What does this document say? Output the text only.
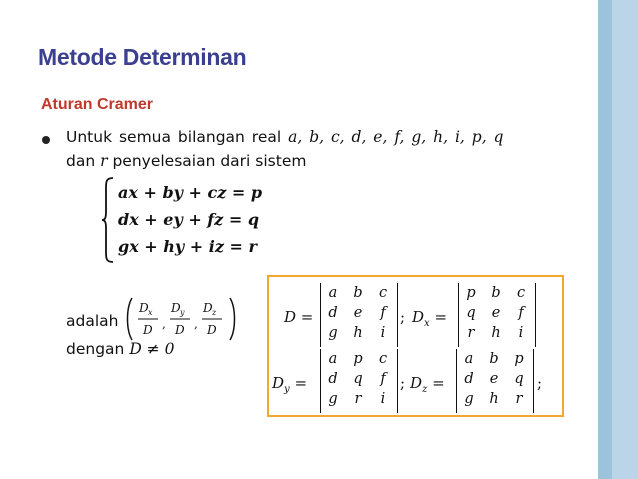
Metode Determinan
Aturan Cramer
Untuk semua bilangan real a, b, c, d, e, f, g, h, i, p, q
dan r penyelesaian dari sistem
ax + by + cz = p
dx + ey + fz = q
gx + hy + iz = r
adalah
D x
D ,
D y
D ,
D z
D
dengan D ≠ 0
D =
a	b	c
d	e	f
g	h	i
; $D_x$ =
p	b	c
q	e	f
r	h	i
$D_y$ =
a	p	c
d	q	f
g	r	i
; $D_z$ =
a	b	p
d	e	q
g	h	r
;
